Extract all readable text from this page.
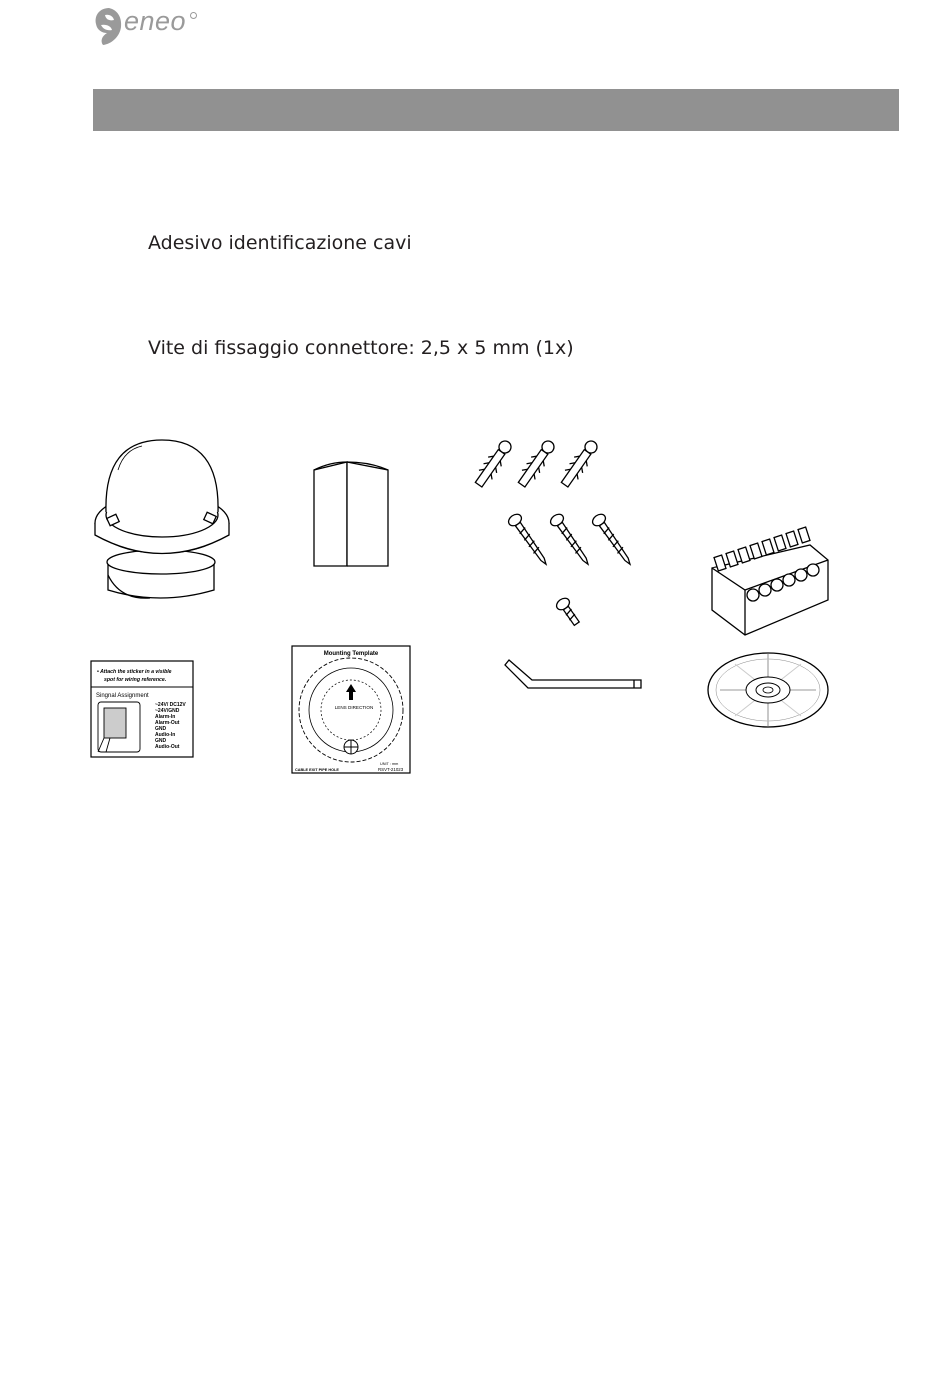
eneo
Adesivo identificazione cavi
Vite di fissaggio connettore: 2,5 x 5 mm (1x)
• Attach the sticker in a visible
spot for wiring reference.
Singnal Assignment
~24V/ DC12V
~24V/GND
Alarm-In
Alarm-Out
GND
Audio-In
GND
Audio-Out
Mounting Template
LENS DIRECTION
CABLE EXIT PIPE HOLE
UNIT : mm
RSVT-21023
